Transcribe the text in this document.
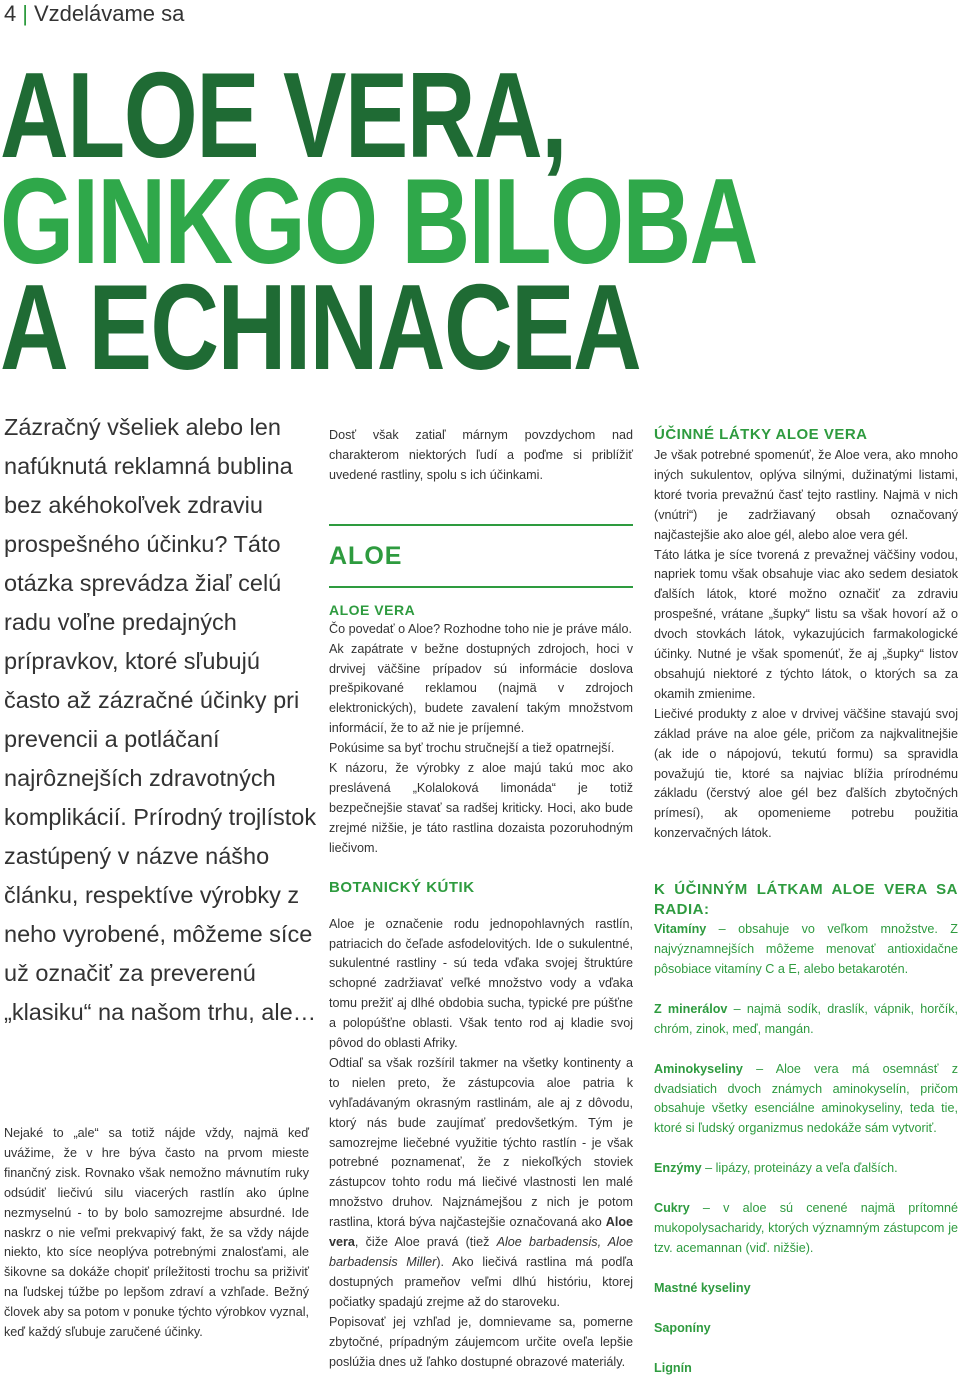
4 | Vzdelávame sa
ALOE VERA,
GINKGO BILOBA
A ECHINACEA

Zázračný všeliek alebo len nafúknutá reklamná bublina bez akéhokoľvek zdraviu prospešného účinku? Táto otázka sprevádza žiaľ celú radu voľne predajných prípravkov, ktoré sľubujú často až zázračné účinky pri prevencii a potláčaní najrôznejších zdravotných komplikácií. Prírodný trojlístok zastúpený v názve nášho článku, respektíve výrobky z neho vyrobené, môžeme síce už označiť za preverenú „klasiku“ na našom trhu, ale…

Nejaké to „ale“ sa totiž nájde vždy, najmä keď uvážime, že v hre býva často na prvom mieste finančný zisk. Rovnako však nemožno mávnutím ruky odsúdiť liečivú silu viacerých rastlín ako úplne nezmyselnú - to by bolo samozrejme absurdné. Ide naskrz o nie veľmi prekvapivý fakt, že sa vždy nájde niekto, kto síce neoplýva potrebnými znalosťami, ale šikovne sa dokáže chopiť príležitosti trochu sa priživiť na ľudskej túžbe po lepšom zdraví a vzhľade. Bežný človek aby sa potom v ponuke týchto výrobkov vyznal, keď každý sľubuje zaručené účinky.

Dosť však zatiaľ márnym povzdychom nad charakterom niektorých ľudí a poďme si priblížiť uvedené rastliny, spolu s ich účinkami.

ALOE
ALOE VERA

Čo povedať o Aloe? Rozhodne toho nie je práve málo.

Ak zapátrate v bežne dostupných zdrojoch, hoci v drvivej väčšine prípadov sú informácie doslova prešpikované reklamou (najmä v zdrojoch elektronických), budete zavalení takým množstvom informácií, že to až nie je príjemné.

Pokúsime sa byť trochu stručnejší a tiež opatrnejší.

K názoru, že výrobky z aloe majú takú moc ako preslávená „Kolaloková limonáda“ je totiž bezpečnejšie stavať sa radšej kriticky. Hoci, ako bude zrejmé nižšie, je táto rastlina dozaista pozoruhodným liečivom.

BOTANICKÝ KÚTIK

Aloe je označenie rodu jednopohlavných rastlín, patriacich do čeľade asfodelovitých. Ide o sukulentné, sukulentné rastliny - sú teda vďaka svojej štruktúre schopné zadržiavať veľké množstvo vody a vďaka tomu prežiť aj dlhé obdobia sucha, typické pre púšťne a polopúšťne oblasti. Však tento rod aj kladie svoj pôvod do oblasti Afriky.

Odtiaľ sa však rozšíril takmer na všetky kontinenty a to nielen preto, že zástupcovia aloe patria k vyhľadávaným okrasným rastlinám, ale aj z dôvodu, ktorý nás bude zaujímať predovšetkým. Tým je samozrejme liečebné využitie týchto rastlín - je však potrebné poznamenať, že z niekoľkých stoviek zástupcov tohto rodu má liečivé vlastnosti len malé množstvo druhov. Najznámejšou z nich je potom rastlina, ktorá býva najčastejšie označovaná ako Aloe vera, čiže Aloe pravá (tiež Aloe barbadensis, Aloe barbadensis Miller). Ako liečivá rastlina má podľa dostupných prameňov veľmi dlhú históriu, ktorej počiatky spadajú zrejme až do staroveku.

Popisovať jej vzhľad je, domnievame sa, pomerne zbytočné, prípadným záujemcom určite oveľa lepšie poslúžia dnes už ľahko dostupné obrazové materiály.

ÚČINNÉ LÁTKY ALOE VERA

Je však potrebné spomenúť, že Aloe vera, ako mnoho iných sukulentov, oplýva silnými, dužinatými listami, ktoré tvoria prevažnú časť tejto rastliny. Najmä v nich (vnútri“) je zadržiavaný obsah označovaný najčastejšie ako aloe gél, alebo aloe vera gél.

Táto látka je síce tvorená z prevažnej väčšiny vodou, napriek tomu však obsahuje viac ako sedem desiatok ďalších látok, ktoré možno označiť za zdraviu prospešné, vrátane „šupky“ listu sa však hovorí až o dvoch stovkách látok, vykazujúcich farmakologické účinky. Nutné je však spomenúť, že aj „šupky“ listov obsahujú niektoré z týchto látok, o ktorých sa za okamih zmienime.

Liečivé produkty z aloe v drvivej väčšine stavajú svoj základ práve na aloe géle, pričom za najkvalitnejšie (ak ide o nápojovú, tekutú formu) sa spravidla považujú tie, ktoré sa najviac blížia prírodnému základu (čerstvý aloe gél bez ďalších zbytočných prímesí), ak opomenieme potrebu použitia konzervačných látok.

K ÚČINNÝM LÁTKAM ALOE VERA SA RADIA:

Vitamíny – obsahuje vo veľkom množstve. Z najvýznamnejších môžeme menovať antioxidačne pôsobiace vitamíny C a E, alebo betakarotén.

Z minerálov – najmä sodík, draslík, vápnik, horčík, chróm, zinok, meď, mangán.

Aminokyseliny – Aloe vera má osemnásť z dvadsiatich dvoch známych aminokyselín, pričom obsahuje všetky esenciálne aminokyseliny, teda tie, ktoré si ľudský organizmus nedokáže sám vytvoriť.

Enzýmy – lipázy, proteinázy a veľa ďalších.

Cukry – v aloe sú cenené najmä prítomné mukopolysacharidy, ktorých významným zástupcom je tzv. acemannan (viď. nižšie).

Mastné kyseliny

Saponíny

Lignín
